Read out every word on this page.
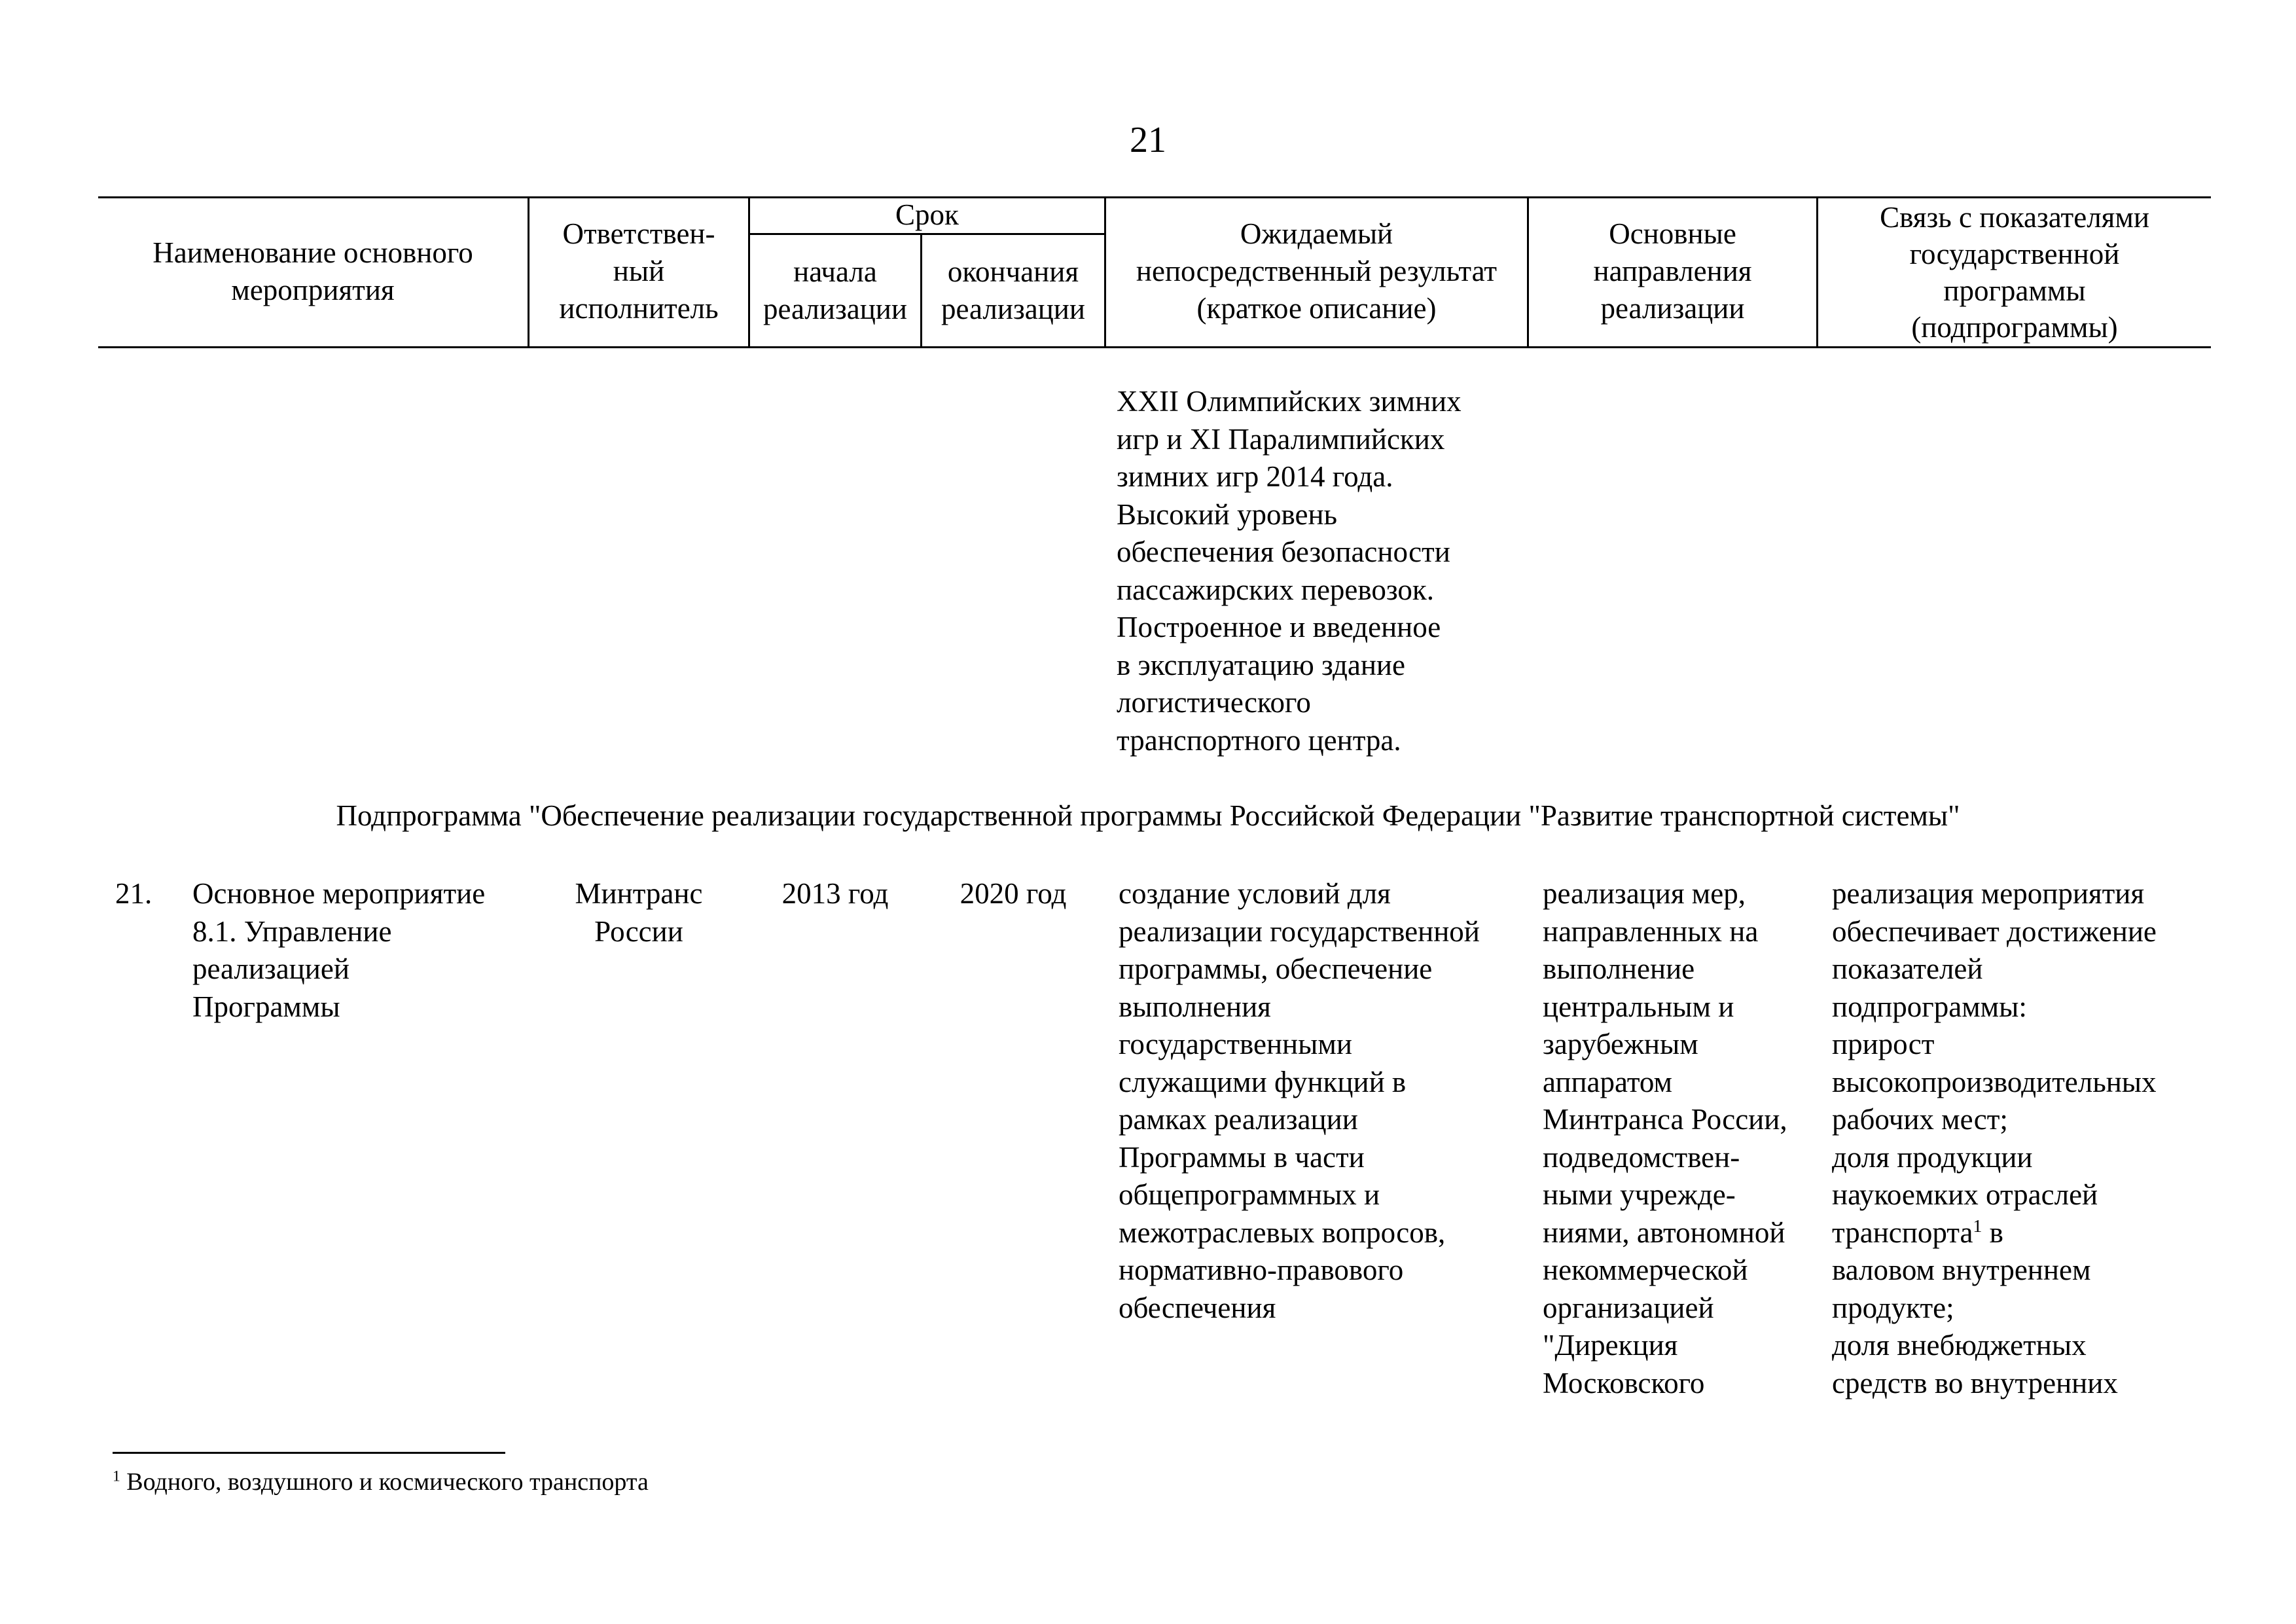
21
Наименование основного
мероприятия
Ответствен-
ный
исполнитель
Срок
начала
реализации
окончания
реализации
Ожидаемый
непосредственный результат
(краткое описание)
Основные
направления
реализации
Связь с показателями
государственной
программы
(подпрограммы)
XXII Олимпийских зимних
игр и XI Паралимпийских
зимних игр 2014 года.
Высокий уровень
обеспечения безопасности
пассажирских перевозок.
Построенное и введенное
в эксплуатацию здание
логистического
транспортного центра.
Подпрограмма "Обеспечение реализации государственной программы Российской Федерации "Развитие транспортной системы"
21. Основное мероприятие
8.1. Управление
реализацией
Программы
Минтранс
России
2013 год	2020 год	создание условий для
реализации государственной
программы, обеспечение
выполнения
государственными
служащими функций в
рамках реализации
Программы в части
общепрограммных и
межотраслевых вопросов,
нормативно-правового
обеспечения
реализация мер,
направленных на
выполнение
центральным и
зарубежным
аппаратом
Минтранса России,
подведомствен-
ными учрежде-
ниями, автономной
некоммерческой
организацией
"Дирекция
Московского
реализация мероприятия
обеспечивает достижение
показателей
подпрограммы:
прирост
высокопроизводительных
рабочих мест;
доля продукции
наукоемких отраслей
транспорта$^1$ в
валовом внутреннем
продукте;
доля внебюджетных
средств во внутренних
$^1$ Водного, воздушного и космического транспорта
